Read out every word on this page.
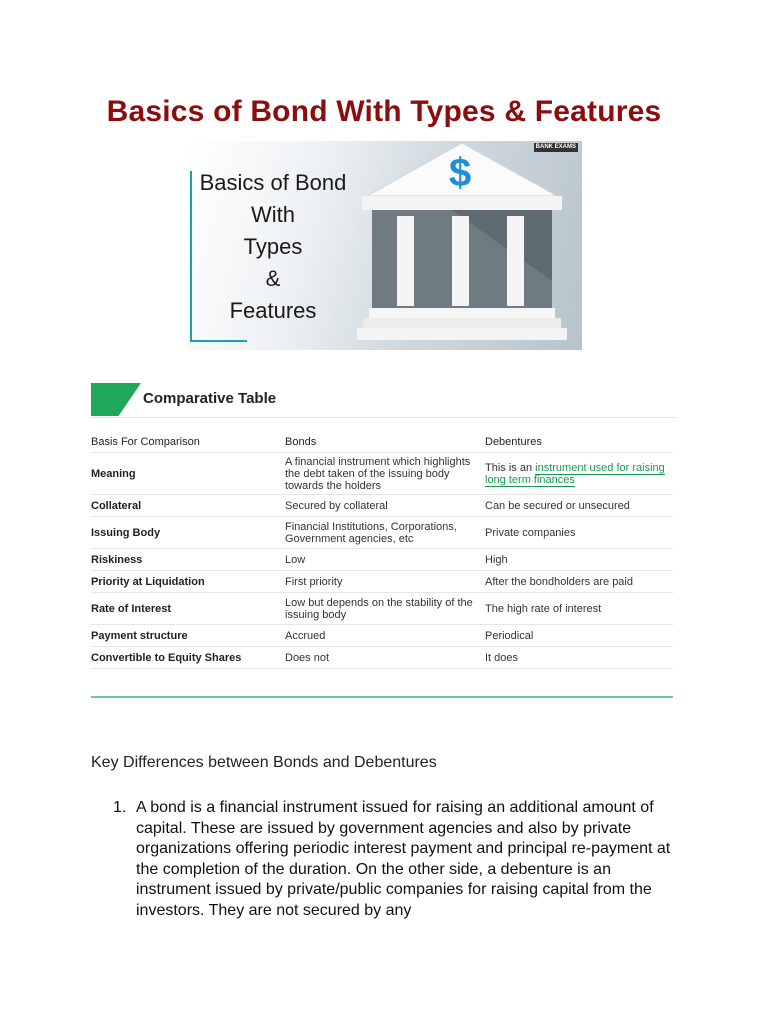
Basics of Bond With Types & Features
Basics of Bond
With
Types
&
Features
$
BANK EXAMS
Comparative Table
Basis For Comparison	Bonds	Debentures
Meaning	A financial instrument which highlights the debt taken of the issuing body towards the holders	This is an instrument used for raising long term finances
Collateral	Secured by collateral	Can be secured or unsecured
Issuing Body	Financial Institutions, Corporations, Government agencies, etc	Private companies
Riskiness	Low	High
Priority at Liquidation	First priority	After the bondholders are paid
Rate of Interest	Low but depends on the stability of the issuing body	The high rate of interest
Payment structure	Accrued	Periodical
Convertible to Equity Shares	Does not	It does
Key Differences between Bonds and Debentures
1. A bond is a financial instrument issued for raising an additional amount of capital. These are issued by government agencies and also by private organizations offering periodic interest payment and principal re-payment at the completion of the duration. On the other side, a debenture is an instrument issued by private/public companies for raising capital from the investors. They are not secured by any
